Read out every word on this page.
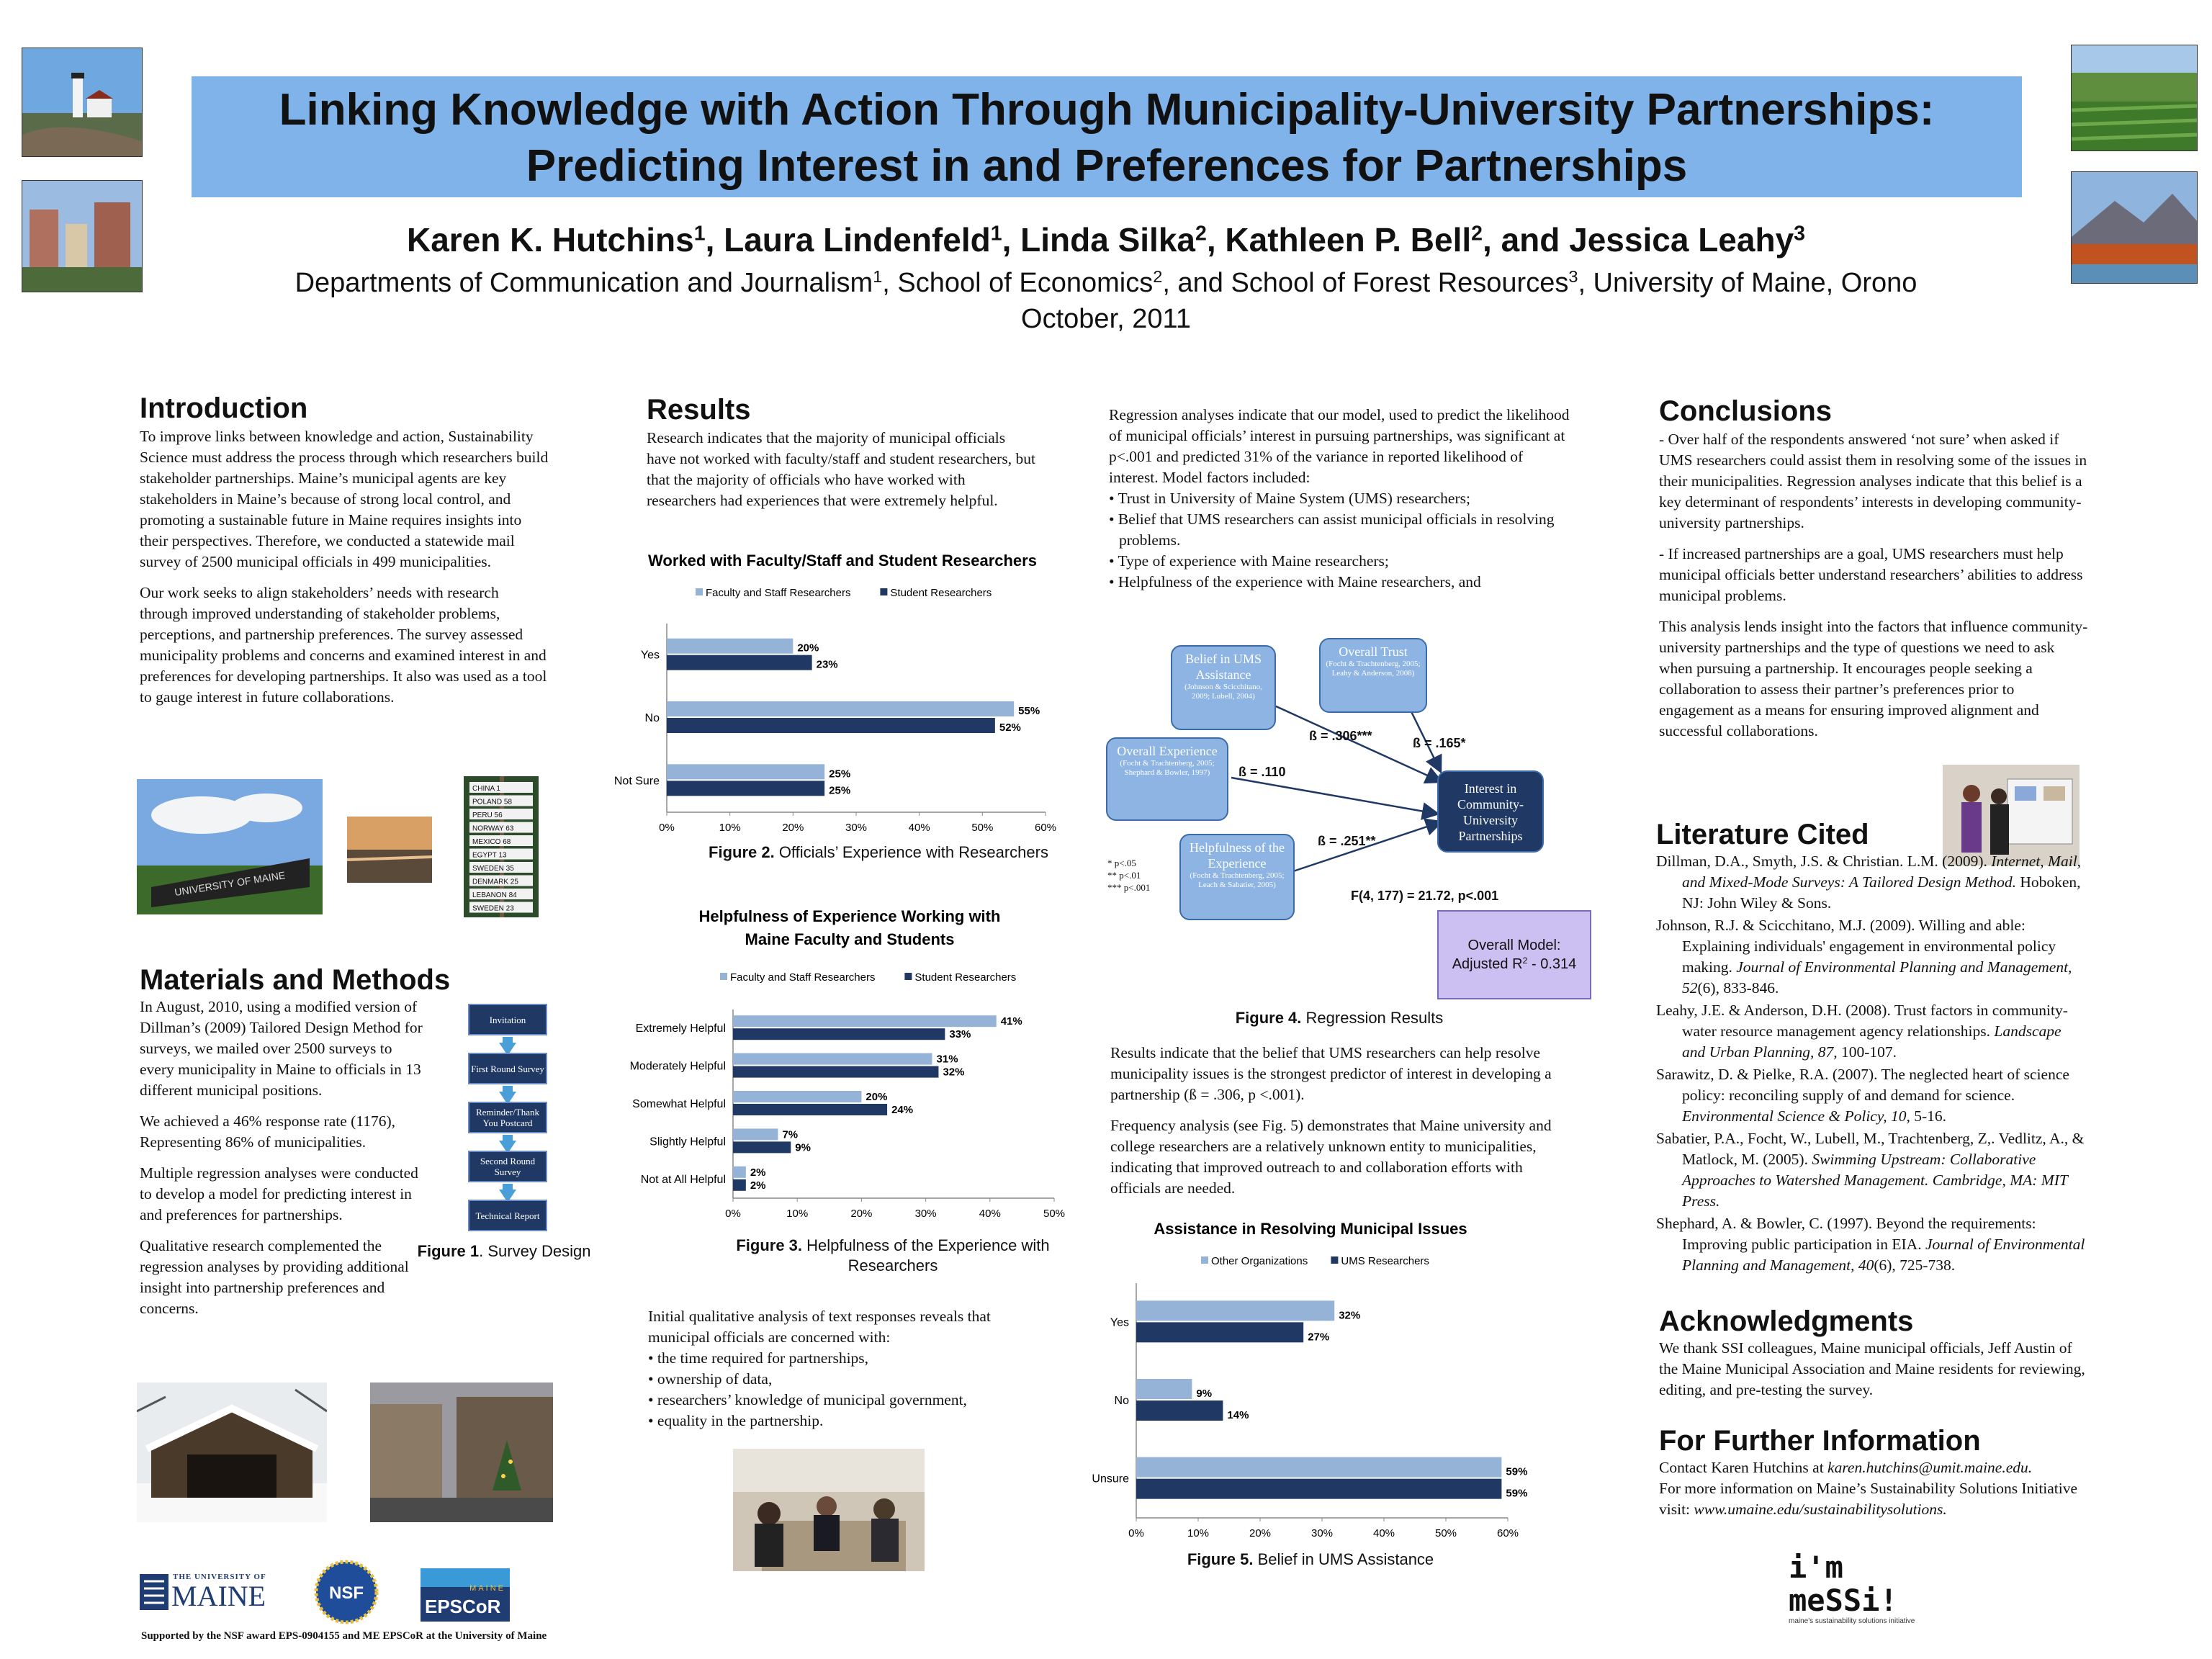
Linking Knowledge with Action Through Municipality-University Partnerships:
Predicting Interest in and Preferences for Partnerships
Karen K. Hutchins$^1$, Laura Lindenfeld$^1$, Linda Silka$^2$, Kathleen P. Bell$^2$, and Jessica Leahy$^3$
Departments of Communication and Journalism$^1$, School of Economics$^2$, and School of Forest Resources$^3$, University of Maine, Orono
October, 2011
Introduction

To improve links between knowledge and action, Sustainability Science must address the process through which researchers build stakeholder partnerships. Maine’s municipal agents are key stakeholders in Maine’s because of strong local control, and promoting a sustainable future in Maine requires insights into their perspectives. Therefore, we conducted a statewide mail survey of 2500 municipal officials in 499 municipalities.

Our work seeks to align stakeholders’ needs with research through improved understanding of stakeholder problems, perceptions, and partnership preferences. The survey assessed municipality problems and concerns and examined interest in and preferences for developing partnerships. It also was used as a tool to gauge interest in future collaborations.

UNIVERSITY OF MAINE
CHINA 1
POLAND 58
PERU 56
NORWAY 63
MEXICO 68
EGYPT 13
SWEDEN 35
DENMARK 25
LEBANON 84
SWEDEN 23
Materials and Methods

In August, 2010, using a modified version of Dillman’s (2009) Tailored Design Method for surveys, we mailed over 2500 surveys to every municipality in Maine to officials in 13 different municipal positions.

We achieved a 46% response rate (1176), Representing 86% of municipalities.

Multiple regression analyses were conducted to develop a model for predicting interest in and preferences for partnerships.

Qualitative research complemented the regression analyses by providing additional insight into partnership preferences and concerns.

Invitation
First Round Survey
Reminder/Thank You Postcard
Second Round Survey
Technical Report
Figure 1. Survey Design
THE UNIVERSITY OF
MAINE	NSF	MAINE
EPSCoR
Supported by the NSF award EPS-0904155 and ME EPSCoR at the University of Maine
Results
Research indicates that the majority of municipal officials have not worked with faculty/staff and student researchers, but that the majority of officials who have worked with researchers had experiences that were extremely helpful.
Worked with Faculty/Staff and Student Researchers
Faculty and Staff Researchers	Student Researchers
0%	10%	20%	30%	40%	50%	60%
Yes
20%
23%
No
55%
52%
Not Sure
25%
25%
Figure 2. Officials’ Experience with Researchers
Helpfulness of Experience Working with
Maine Faculty and Students
Faculty and Staff Researchers	Student Researchers
0%	10%	20%	30%	40%	50%
Extremely Helpful
41%
33%
Moderately Helpful
31%
32%
Somewhat Helpful
20%
24%
Slightly Helpful
7%
9%
Not at All Helpful
2%
2%
Figure 3. Helpfulness of the Experience with Researchers
Initial qualitative analysis of text responses reveals that municipal officials are concerned with:
• the time required for partnerships,
• ownership of data,
• researchers’ knowledge of municipal government,
• equality in the partnership.
Regression analyses indicate that our model, used to predict the likelihood of municipal officials’ interest in pursuing partnerships, was significant at p<.001 and predicted 31% of the variance in reported likelihood of interest. Model factors included:
• Trust in University of Maine System (UMS) researchers;
• Belief that UMS researchers can assist municipal officials in resolving problems.
• Type of experience with Maine researchers;
• Helpfulness of the experience with Maine researchers, and
Belief in UMS Assistance
(Johnson & Scicchitano, 2009; Lubell, 2004)
Overall Trust
(Focht & Trachtenberg, 2005; Leahy & Anderson, 2008)
Overall Experience
(Focht & Trachtenberg, 2005; Shephard & Bowler, 1997)
Helpfulness of the Experience
(Focht & Trachtenberg, 2005; Leach & Sabatier, 2005)
Interest in Community-University Partnerships
ß = .306***	ß = .165*
ß = .110
ß = .251**
* p<.05
** p<.01
*** p<.001
F(4, 177) = 21.72, p<.001
Overall Model:
Adjusted $R^2 - 0.314$
Figure 4. Regression Results

Results indicate that the belief that UMS researchers can help resolve municipality issues is the strongest predictor of interest in developing a partnership (ß = .306, p <.001).

Frequency analysis (see Fig. 5) demonstrates that Maine university and college researchers are a relatively unknown entity to municipalities, indicating that improved outreach to and collaboration efforts with officials are needed.

Assistance in Resolving Municipal Issues
Other Organizations	UMS Researchers
0%	10%	20%	30%	40%	50%	60%
Yes
32%
27%
No
9%
14%
Unsure
59%
59%
Figure 5. Belief in UMS Assistance
Conclusions

- Over half of the respondents answered ‘not sure’ when asked if UMS researchers could assist them in resolving some of the issues in their municipalities. Regression analyses indicate that this belief is a key determinant of respondents’ interests in developing community-university partnerships.

- If increased partnerships are a goal, UMS researchers must help municipal officials better understand researchers’ abilities to address municipal problems.

This analysis lends insight into the factors that influence community-university partnerships and the type of questions we need to ask when pursuing a partnership. It encourages people seeking a collaboration to assess their partner’s preferences prior to engagement as a means for ensuring improved alignment and successful collaborations.

Literature Cited

Dillman, D.A., Smyth, J.S. & Christian. L.M. (2009). Internet, Mail, and Mixed-Mode Surveys: A Tailored Design Method. Hoboken, NJ: John Wiley & Sons.

Johnson, R.J. & Scicchitano, M.J. (2009). Willing and able: Explaining individuals' engagement in environmental policy making. Journal of Environmental Planning and Management, 52(6), 833-846.

Leahy, J.E. & Anderson, D.H. (2008). Trust factors in community-water resource management agency relationships. Landscape and Urban Planning, 87, 100-107.

Sarawitz, D. & Pielke, R.A. (2007). The neglected heart of science policy: reconciling supply of and demand for science. Environmental Science & Policy, 10, 5-16.

Sabatier, P.A., Focht, W., Lubell, M., Trachtenberg, Z,. Vedlitz, A., & Matlock, M. (2005). Swimming Upstream: Collaborative Approaches to Watershed Management. Cambridge, MA: MIT Press.

Shephard, A. & Bowler, C. (1997). Beyond the requirements: Improving public participation in EIA. Journal of Environmental Planning and Management, 40(6), 725-738.

Acknowledgments
We thank SSI colleagues, Maine municipal officials, Jeff Austin of the Maine Municipal Association and Maine residents for reviewing, editing, and pre-testing the survey.
For Further Information
Contact Karen Hutchins at karen.hutchins@umit.maine.edu.
For more information on Maine’s Sustainability Solutions Initiative visit: www.umaine.edu/sustainabilitysolutions.
i'm meSSi!
maine's sustainability solutions initiative
